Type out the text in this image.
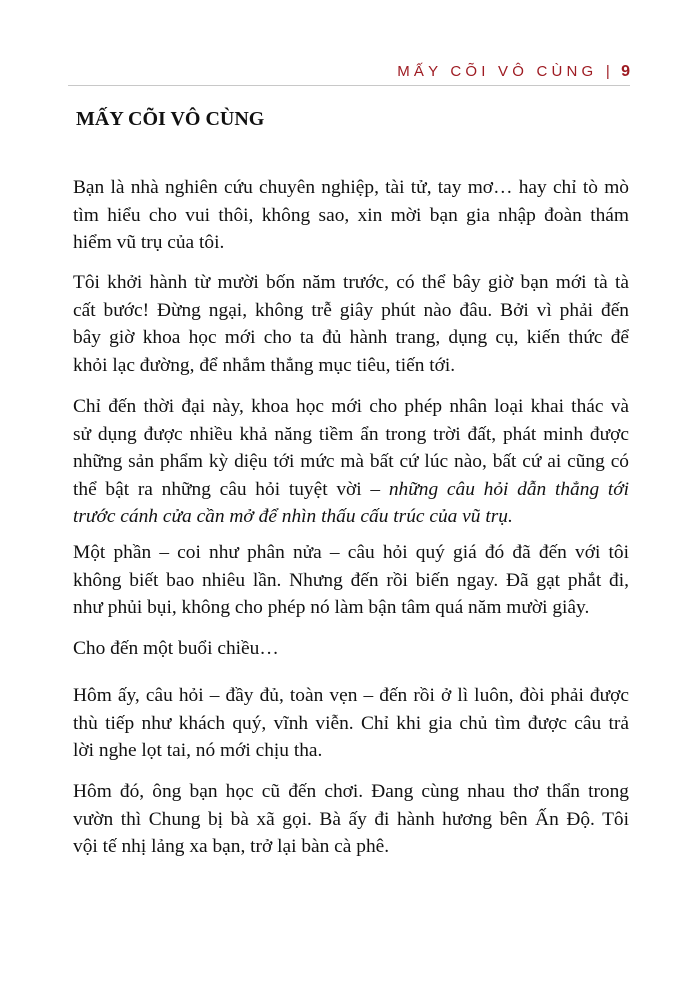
MẤY CÕI VÔ CÙNG | 9
MẤY CÕI VÔ CÙNG

Bạn là nhà nghiên cứu chuyên nghiệp, tài tử, tay mơ… hay chỉ tò mò
tìm hiểu cho vui thôi, không sao, xin mời bạn gia nhập đoàn thám
hiểm vũ trụ của tôi.

Tôi khởi hành từ mười bốn năm trước, có thể bây giờ bạn mới tà tà
cất bước! Đừng ngại, không trễ giây phút nào đâu. Bởi vì phải đến
bây giờ khoa học mới cho ta đủ hành trang, dụng cụ, kiến thức để
khỏi lạc đường, để nhắm thẳng mục tiêu, tiến tới.

Chỉ đến thời đại này, khoa học mới cho phép nhân loại khai thác và
sử dụng được nhiều khả năng tiềm ẩn trong trời đất, phát minh được
những sản phẩm kỳ diệu tới mức mà bất cứ lúc nào, bất cứ ai cũng có
thể bật ra những câu hỏi tuyệt vời – những câu hỏi dẫn thẳng tới
trước cánh cửa cần mở để nhìn thấu cấu trúc của vũ trụ.

Một phần – coi như phân nửa – câu hỏi quý giá đó đã đến với tôi
không biết bao nhiêu lần. Nhưng đến rồi biến ngay. Đã gạt phắt đi,
như phủi bụi, không cho phép nó làm bận tâm quá năm mười giây.

Cho đến một buổi chiều…

Hôm ấy, câu hỏi – đầy đủ, toàn vẹn – đến rồi ở lì luôn, đòi phải được
thù tiếp như khách quý, vĩnh viễn. Chỉ khi gia chủ tìm được câu trả
lời nghe lọt tai, nó mới chịu tha.

Hôm đó, ông bạn học cũ đến chơi. Đang cùng nhau thơ thẩn trong
vườn thì Chung bị bà xã gọi. Bà ấy đi hành hương bên Ấn Độ. Tôi
vội tế nhị lảng xa bạn, trở lại bàn cà phê.
